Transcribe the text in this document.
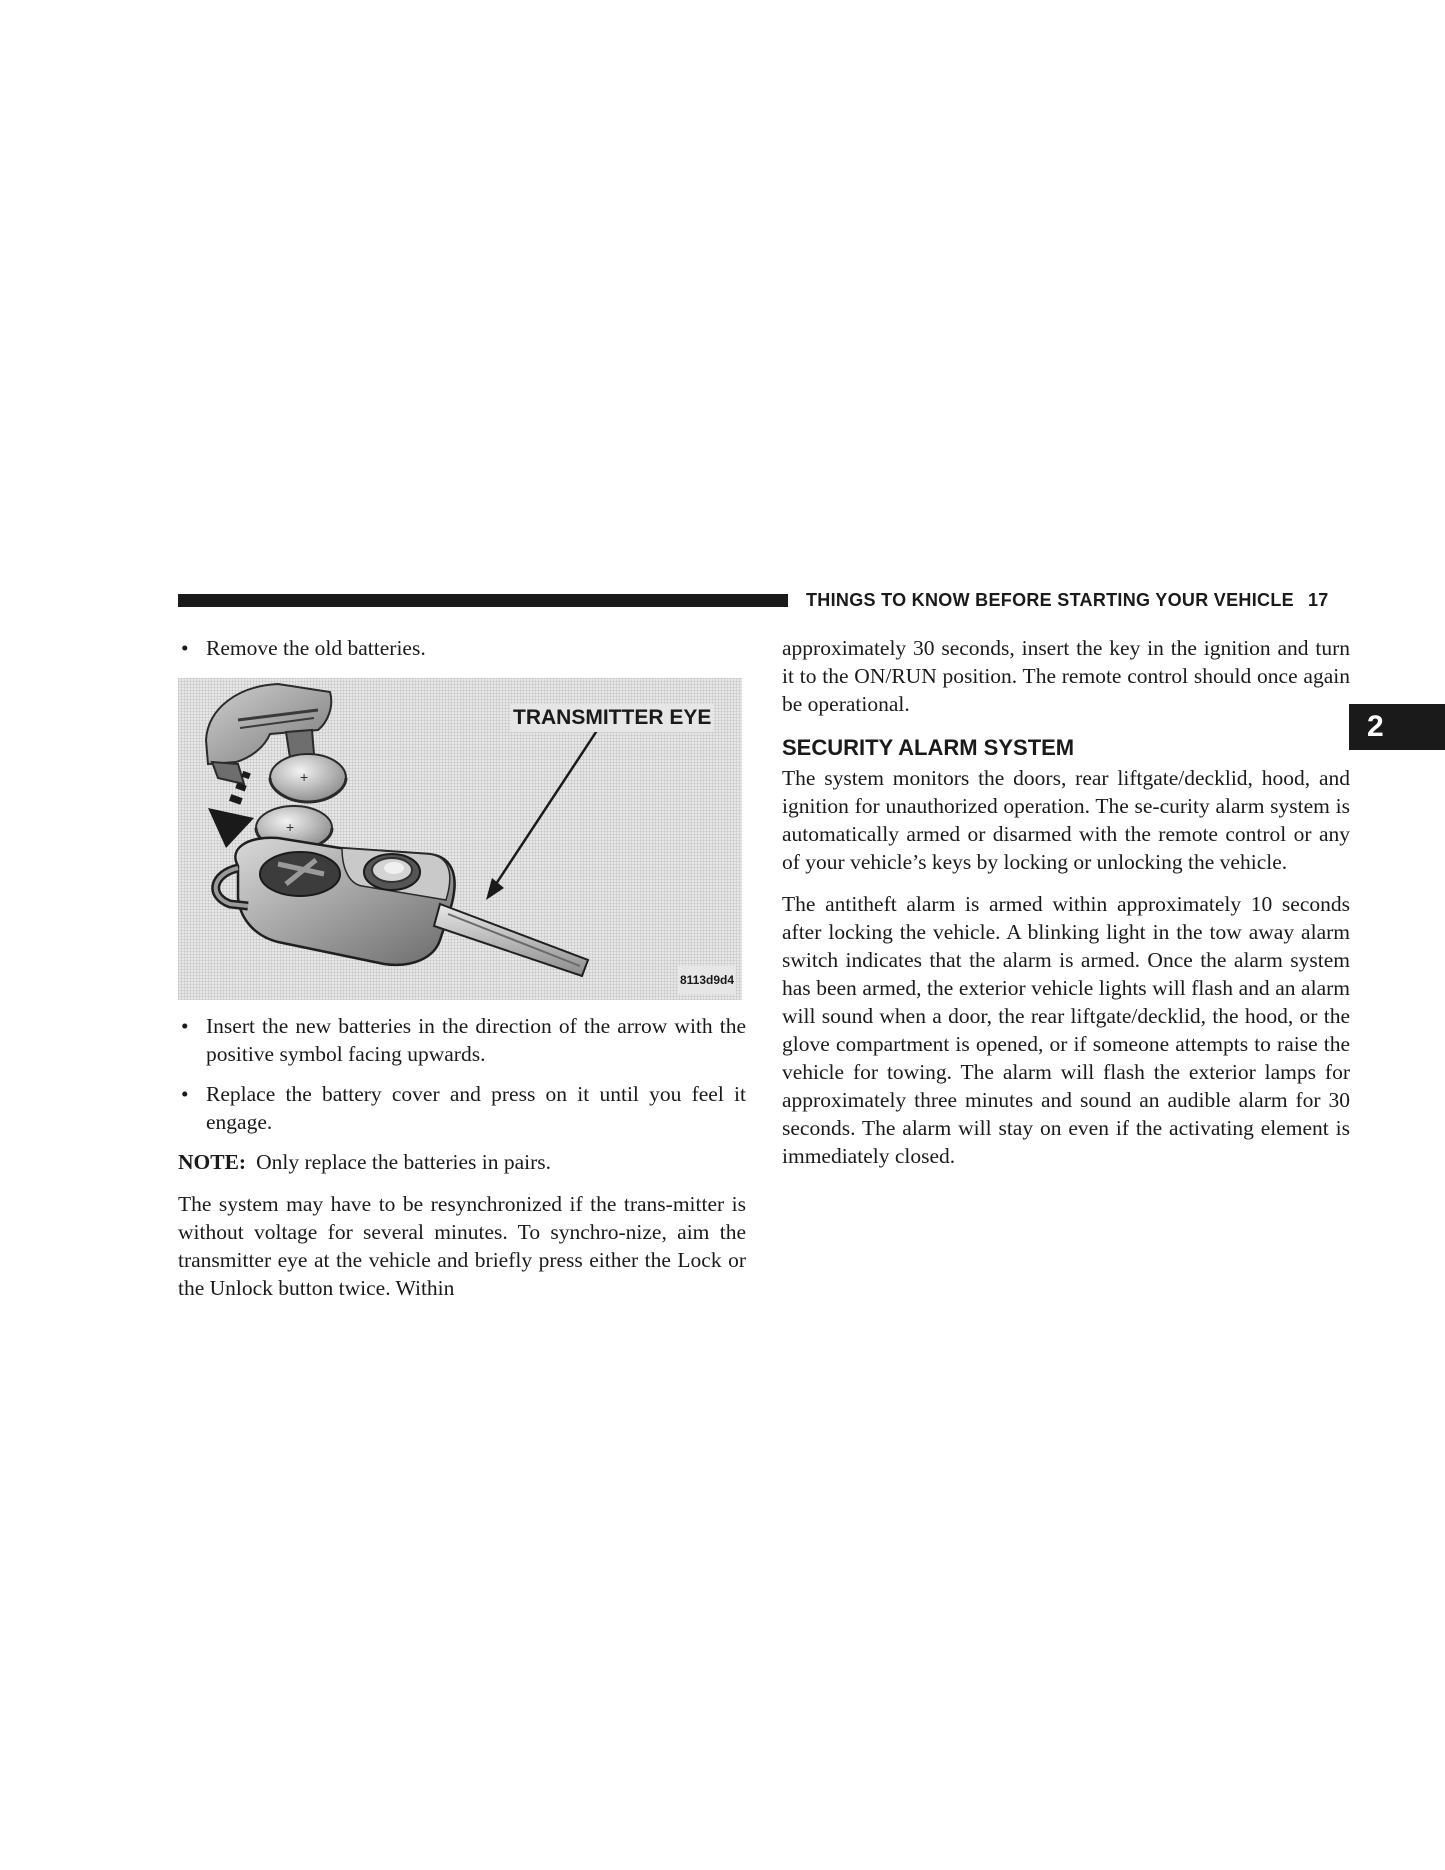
THINGS TO KNOW BEFORE STARTING YOUR VEHICLE 17
2
• Remove the old batteries.
+
+
TRANSMITTER EYE
8113d9d4
• Insert the new batteries in the direction of the arrow with the positive symbol facing upwards.
• Replace the battery cover and press on it until you feel it engage.

NOTE: Only replace the batteries in pairs.

The system may have to be resynchronized if the trans-mitter is without voltage for several minutes. To synchro-nize, aim the transmitter eye at the vehicle and briefly press either the Lock or the Unlock button twice. Within

approximately 30 seconds, insert the key in the ignition and turn it to the ON/RUN position. The remote control should once again be operational.

SECURITY ALARM SYSTEM

The system monitors the doors, rear liftgate/decklid, hood, and ignition for unauthorized operation. The se-curity alarm system is automatically armed or disarmed with the remote control or any of your vehicle’s keys by locking or unlocking the vehicle.

The antitheft alarm is armed within approximately 10 seconds after locking the vehicle. A blinking light in the tow away alarm switch indicates that the alarm is armed. Once the alarm system has been armed, the exterior vehicle lights will flash and an alarm will sound when a door, the rear liftgate/decklid, the hood, or the glove compartment is opened, or if someone attempts to raise the vehicle for towing. The alarm will flash the exterior lamps for approximately three minutes and sound an audible alarm for 30 seconds. The alarm will stay on even if the activating element is immediately closed.
